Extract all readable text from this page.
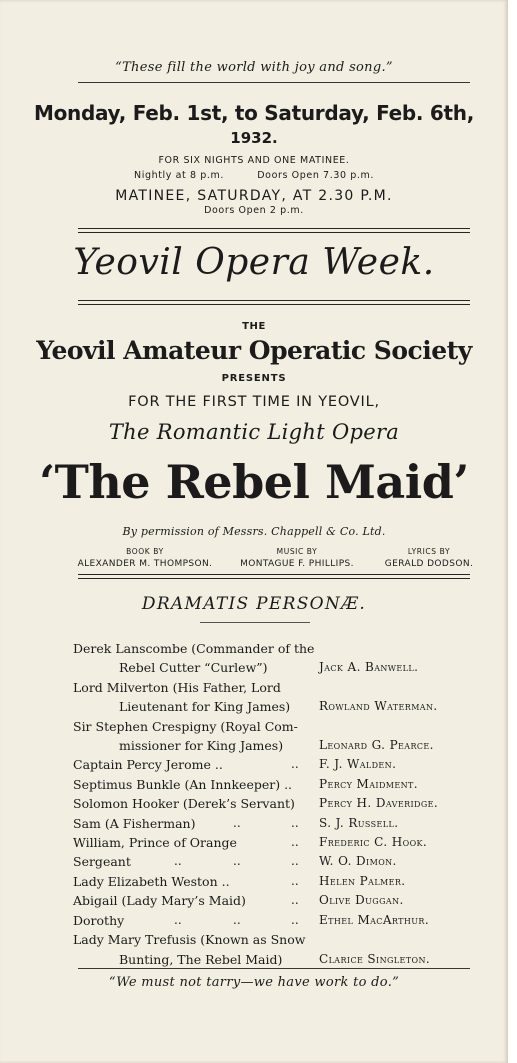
“These fill the world with joy and song.”
Monday, Feb. 1st, to Saturday, Feb. 6th,
1932.
FOR SIX NIGHTS AND ONE MATINEE.
Nightly at 8 p.m.	Doors Open 7.30 p.m.
MATINEE, SATURDAY, AT 2.30 P.M.
Doors Open 2 p.m.
Yeovil Opera Week.
THE
Yeovil Amateur Operatic Society
PRESENTS
FOR THE FIRST TIME IN YEOVIL,
The Romantic Light Opera
‘The Rebel Maid’
By permission of Messrs. Chappell & Co. Ltd.
BOOK BY
ALEXANDER M. THOMPSON.
MUSIC BY
MONTAGUE F. PHILLIPS.
LYRICS BY
GERALD DODSON.
DRAMATIS PERSONÆ.
Derek Lanscombe (Commander of the
Rebel Cutter “Curlew”)	Jack A. Banwell.
Lord Milverton (His Father, Lord
Lieutenant for King James)	Rowland Waterman.
Sir Stephen Crespigny (Royal Com-
missioner for King James)	Leonard G. Pearce.
Captain Percy Jerome ..	.. F. J. Walden.
Septimus Bunkle (An Innkeeper) ..	Percy Maidment.
Solomon Hooker (Derek’s Servant)	Percy H. Daveridge.
Sam (A Fisherman)	..	.. S. J. Russell.
William, Prince of Orange	.. Frederic C. Hook.
Sergeant	..	..	.. W. O. Dimon.
Lady Elizabeth Weston ..	.. Helen Palmer.
Abigail (Lady Mary’s Maid)	.. Olive Duggan.
Dorothy	..	..	.. Ethel MacArthur.
Lady Mary Trefusis (Known as Snow
Bunting, The Rebel Maid)	Clarice Singleton.
“We must not tarry—we have work to do.”
